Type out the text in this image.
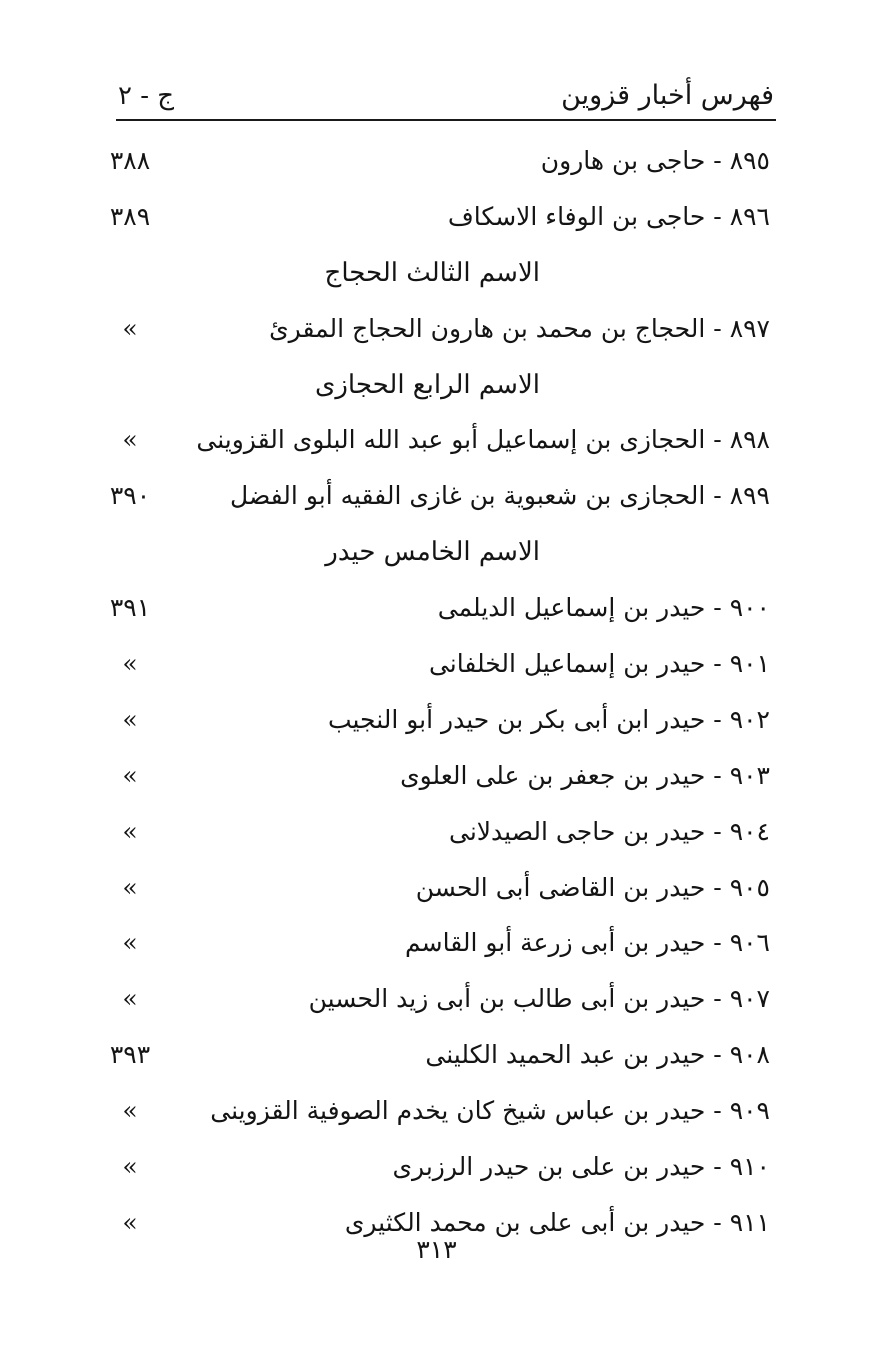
فهرس أخبار قزوين
ج - ٢
٨٩٥ - حاجى بن هارون
٣٨٨
٨٩٦ - حاجى بن الوفاء الاسكاف
٣٨٩
الاسم الثالث الحجاج
٨٩٧ - الحجاج بن محمد بن هارون الحجاج المقرئ
»
الاسم الرابع الحجازى
٨٩٨ - الحجازى بن إسماعيل أبو عبد الله البلوى القزوينى
»
٨٩٩ - الحجازى بن شعبوية بن غازى الفقيه أبو الفضل
٣٩٠
الاسم الخامس حيدر
٩٠٠ - حيدر بن إسماعيل الديلمى
٣٩١
٩٠١ - حيدر بن إسماعيل الخلفانى
»
٩٠٢ - حيدر ابن أبى بكر بن حيدر أبو النجيب
»
٩٠٣ - حيدر بن جعفر بن على العلوى
»
٩٠٤ - حيدر بن حاجى الصيدلانى
»
٩٠٥ - حيدر بن القاضى أبى الحسن
»
٩٠٦ - حيدر بن أبى زرعة أبو القاسم
»
٩٠٧ - حيدر بن أبى طالب بن أبى زيد الحسين
»
٩٠٨ - حيدر بن عبد الحميد الكلينى
٣٩٣
٩٠٩ - حيدر بن عباس شيخ كان يخدم الصوفية القزوينى
»
٩١٠ - حيدر بن على بن حيدر الرزبرى
»
٩١١ - حيدر بن أبى على بن محمد الكثيرى
»
٣١٣
